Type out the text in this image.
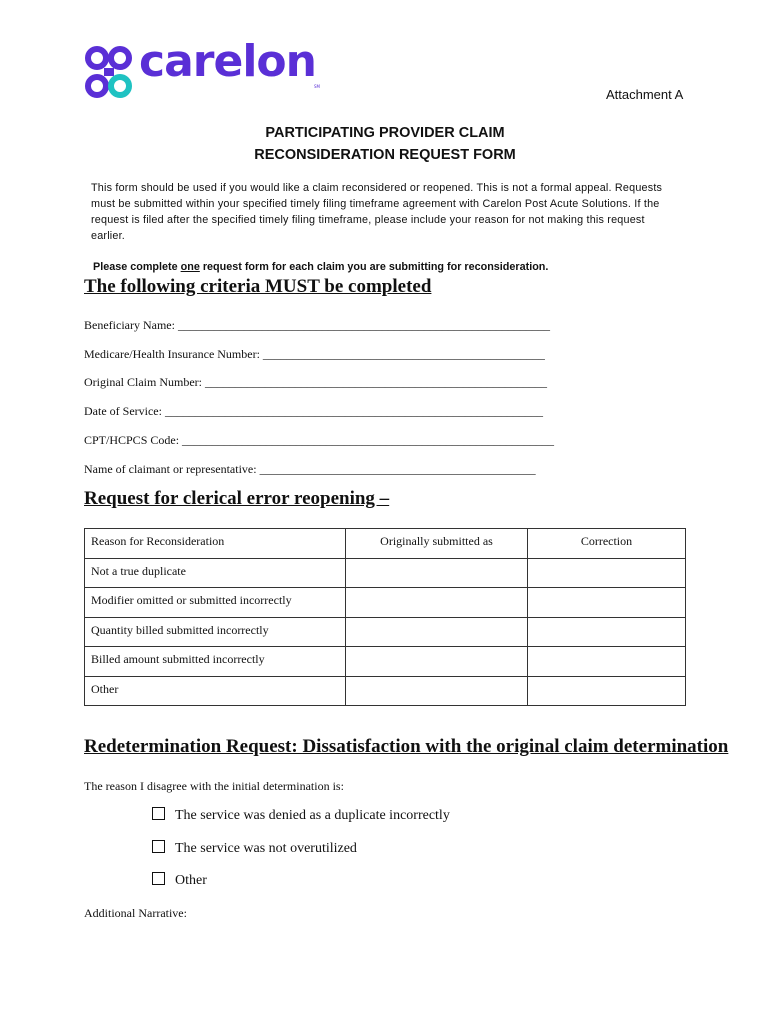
carelon
SM
Attachment A
PARTICIPATING PROVIDER CLAIM
RECONSIDERATION REQUEST FORM
This form should be used if you would like a claim reconsidered or reopened. This is not a formal appeal. Requests must be submitted within your specified timely filing timeframe agreement with Carelon Post Acute Solutions. If the request is filed after the specified timely filing timeframe, please include your reason for not making this request earlier.
Please complete one request form for each claim you are submitting for reconsideration.
The following criteria MUST be completed
Beneficiary Name: ______________________________________________________________
Medicare/Health Insurance Number: _______________________________________________
Original Claim Number: _________________________________________________________
Date of Service: _______________________________________________________________
CPT/HCPCS Code: ______________________________________________________________
Name of claimant or representative: ______________________________________________
Request for clerical error reopening –
Reason for Reconsideration	Originally submitted as	Correction
Not a true duplicate		
Modifier omitted or submitted incorrectly		
Quantity billed submitted incorrectly		
Billed amount submitted incorrectly		
Other		
Redetermination Request: Dissatisfaction with the original claim determination
The reason I disagree with the initial determination is:
The service was denied as a duplicate incorrectly
The service was not overutilized
Other
Additional Narrative:
